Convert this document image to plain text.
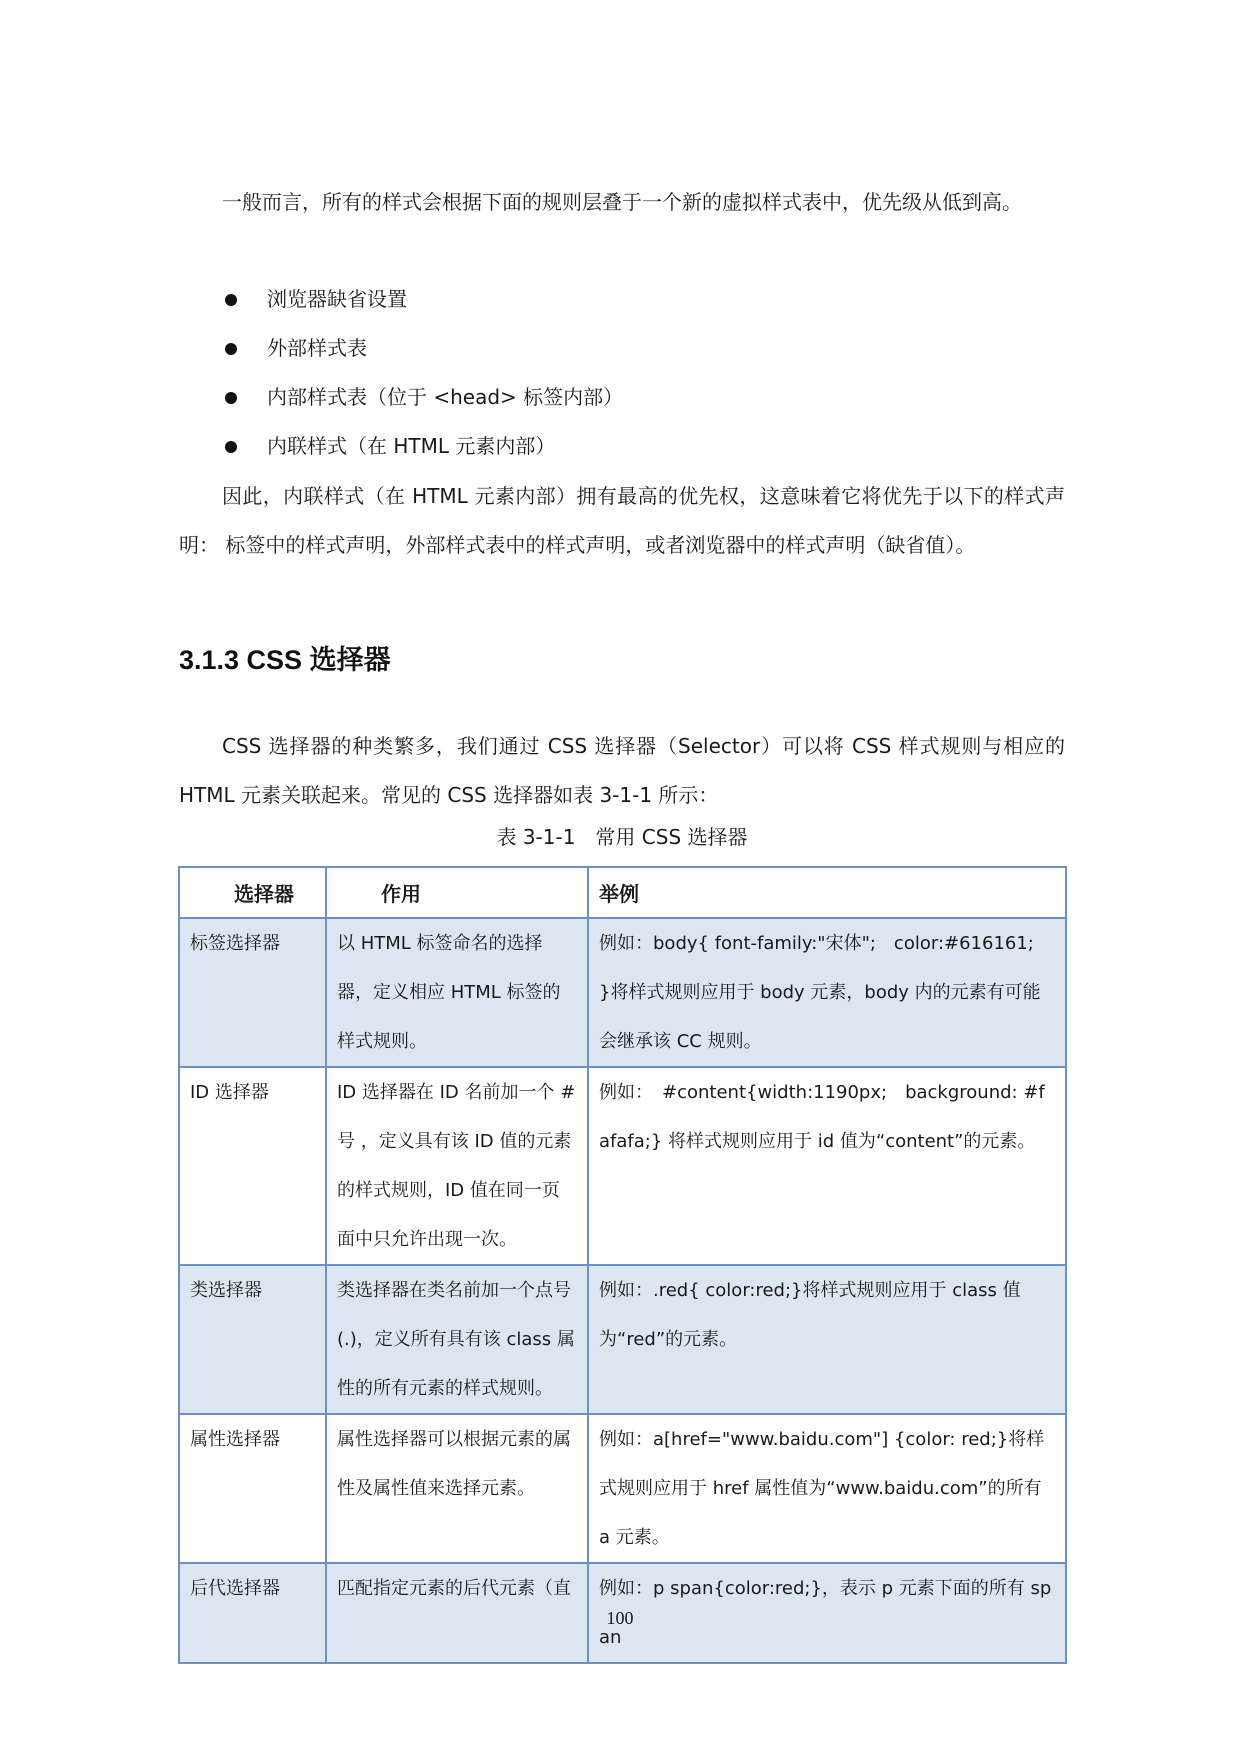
一般而言，所有的样式会根据下面的规则层叠于一个新的虚拟样式表中，优先级从低到高。

浏览器缺省设置
外部样式表
内部样式表（位于 <head> 标签内部）
内联样式（在 HTML 元素内部）

因此，内联样式（在 HTML 元素内部）拥有最高的优先权，这意味着它将优先于以下的样式声明： 标签中的样式声明，外部样式表中的样式声明，或者浏览器中的样式声明（缺省值）。

3.1.3 CSS 选择器

CSS 选择器的种类繁多，我们通过 CSS 选择器（Selector）可以将 CSS 样式规则与相应的 HTML 元素关联起来。常见的 CSS 选择器如表 3-1-1 所示：

表 3-1-1　常用 CSS 选择器

选择器	作用	举例
标签选择器	以 HTML 标签命名的选择器，定义相应 HTML 标签的样式规则。	例如：body{ font-family:"宋体";　color:#616161;　}将样式规则应用于 body 元素，body 内的元素有可能会继承该 CC 规则。
ID 选择器	ID 选择器在 ID 名前加一个 # 号 ，定义具有该 ID 值的元素的样式规则，ID 值在同一页面中只允许出现一次。	例如：　#content{width:1190px;　background: #fafafa;} 将样式规则应用于 id 值为“content”的元素。
类选择器	类选择器在类名前加一个点号(.)，定义所有具有该 class 属性的所有元素的样式规则。	例如：.red{ color:red;}将样式规则应用于 class 值为“red”的元素。
属性选择器	属性选择器可以根据元素的属性及属性值来选择元素。	例如：a[href="www.baidu.com"] {color: red;}将样式规则应用于 href 属性值为“www.baidu.com”的所有 a 元素。
后代选择器	匹配指定元素的后代元素（直	例如：p span{color:red;}，表示 p 元素下面的所有 span

100
